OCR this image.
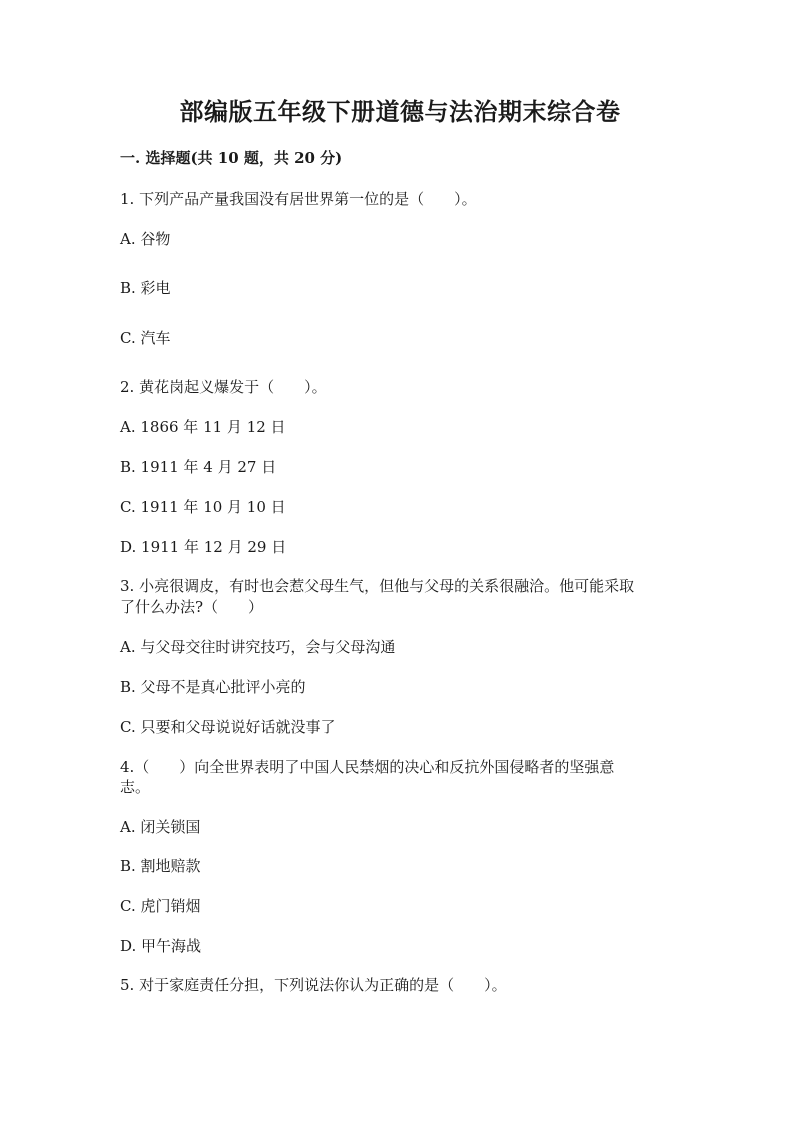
部编版五年级下册道德与法治期末综合卷
一. 选择题(共 10 题，共 20 分)
1. 下列产品产量我国没有居世界第一位的是（　　）。
A. 谷物
B. 彩电
C. 汽车
2. 黄花岗起义爆发于（　　）。
A. 1866 年 11 月 12 日
B. 1911 年 4 月 27 日
C. 1911 年 10 月 10 日
D. 1911 年 12 月 29 日
3. 小亮很调皮，有时也会惹父母生气，但他与父母的关系很融洽。他可能采取
了什么办法?（　　）
A. 与父母交往时讲究技巧，会与父母沟通
B. 父母不是真心批评小亮的
C. 只要和父母说说好话就没事了
4.（　　）向全世界表明了中国人民禁烟的决心和反抗外国侵略者的坚强意
志。
A. 闭关锁国
B. 割地赔款
C. 虎门销烟
D. 甲午海战
5. 对于家庭责任分担，下列说法你认为正确的是（　　）。
